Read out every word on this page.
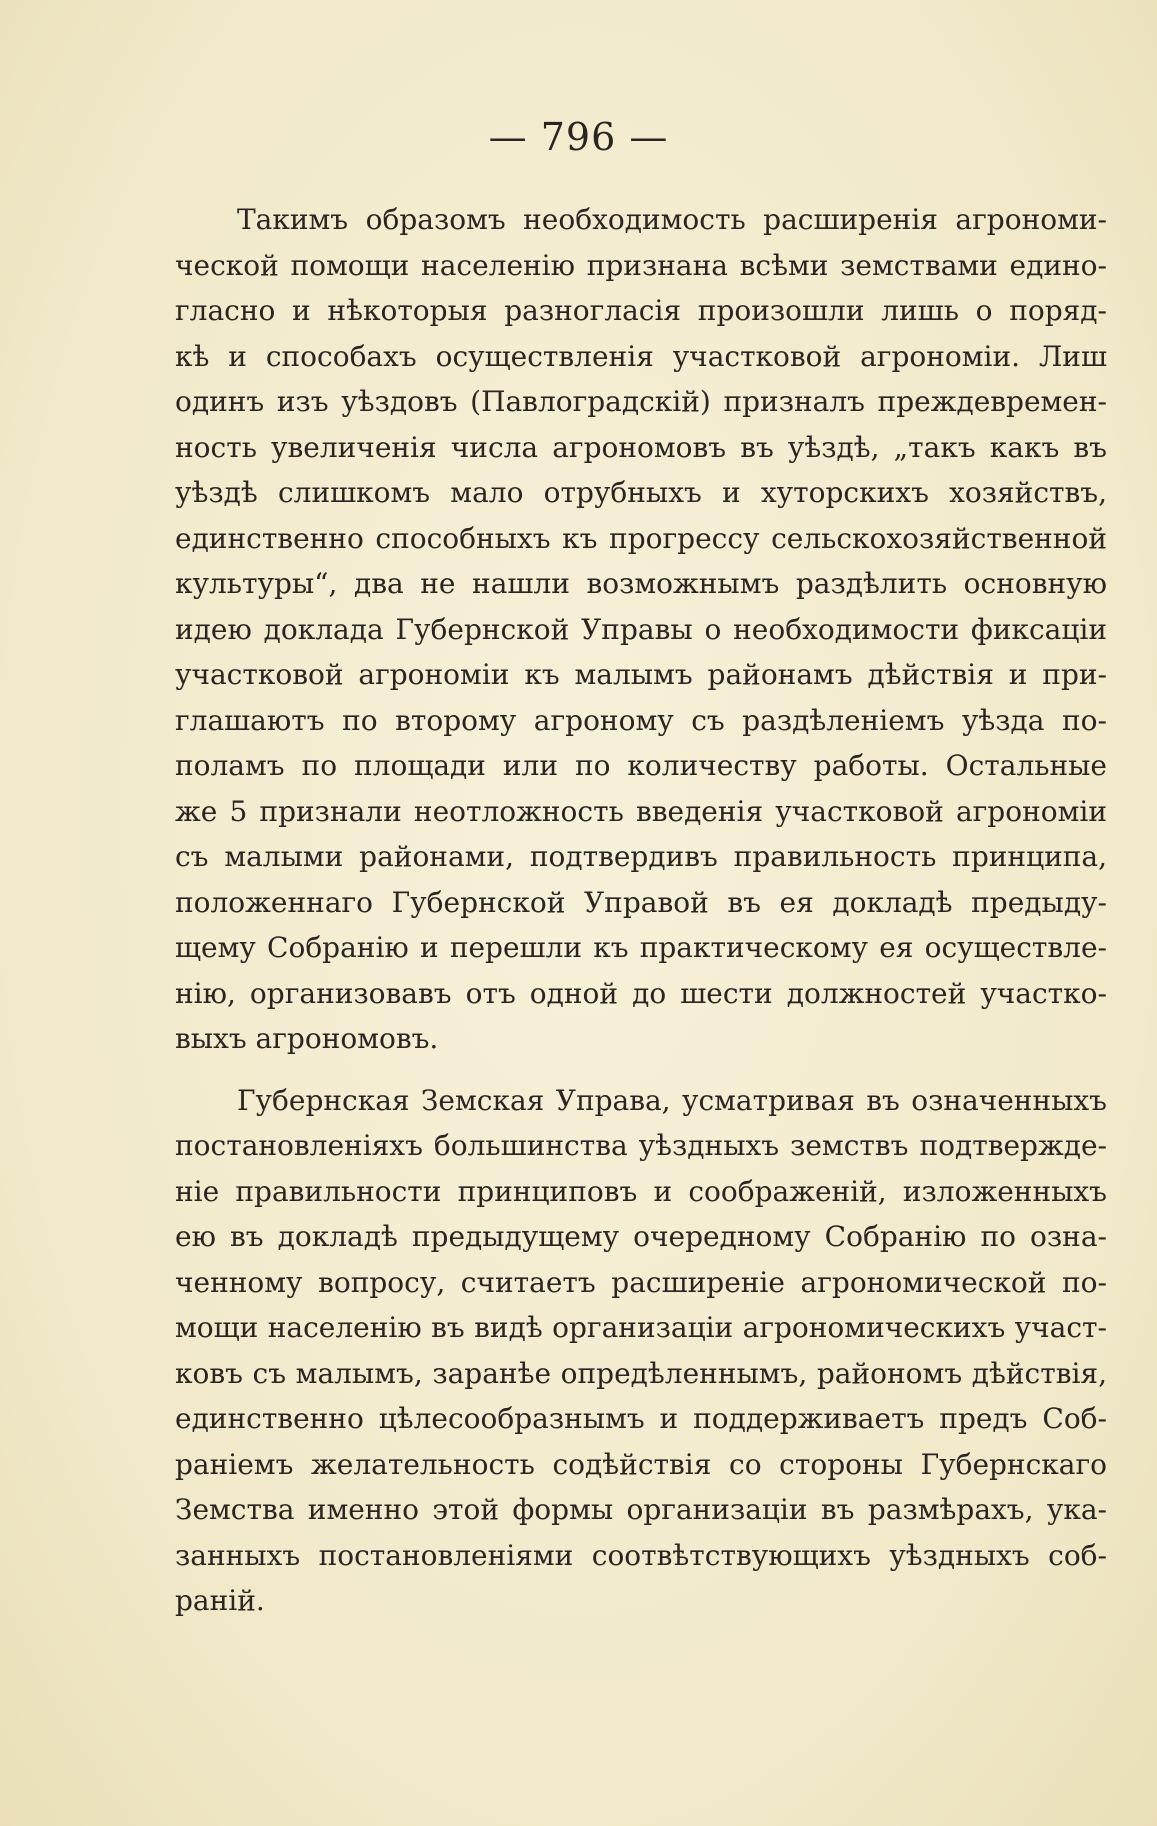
— 796 —
Такимъ образомъ необходимость расширенія агрономи-
ческой помощи населенію признана всѣми земствами едино-
гласно и нѣкоторыя разногласія произошли лишь о поряд-
кѣ и способахъ осуществленія участковой агрономіи. Лиш
одинъ изъ уѣздовъ (Павлоградскій) призналъ преждевремен-
ность увеличенія числа агрономовъ въ уѣздѣ, „такъ какъ въ
уѣздѣ слишкомъ мало отрубныхъ и хуторскихъ хозяйствъ,
единственно способныхъ къ прогрессу сельскохозяйственной
культуры“, два не нашли возможнымъ раздѣлить основную
идею доклада Губернской Управы о необходимости фиксаціи
участковой агрономіи къ малымъ районамъ дѣйствія и при-
глашаютъ по второму агроному съ раздѣленіемъ уѣзда по-
поламъ по площади или по количеству работы. Остальные
же 5 признали неотложность введенія участковой агрономіи
съ малыми районами, подтвердивъ правильность принципа,
положеннаго Губернской Управой въ ея докладѣ предыду-
щему Собранію и перешли къ практическому ея осуществле-
нію, организовавъ отъ одной до шести должностей участко-
выхъ агрономовъ.
Губернская Земская Управа, усматривая въ означенныхъ
постановленіяхъ большинства уѣздныхъ земствъ подтвержде-
ніе правильности принциповъ и соображеній, изложенныхъ
ею въ докладѣ предыдущему очередному Собранію по озна-
ченному вопросу, считаетъ расширеніе агрономической по-
мощи населенію въ видѣ организаціи агрономическихъ участ-
ковъ съ малымъ, заранѣе опредѣленнымъ, райономъ дѣйствія,
единственно цѣлесообразнымъ и поддерживаетъ предъ Соб-
раніемъ желательность содѣйствія со стороны Губернскаго
Земства именно этой формы организаціи въ размѣрахъ, ука-
занныхъ постановленіями соотвѣтствующихъ уѣздныхъ соб-
раній.
